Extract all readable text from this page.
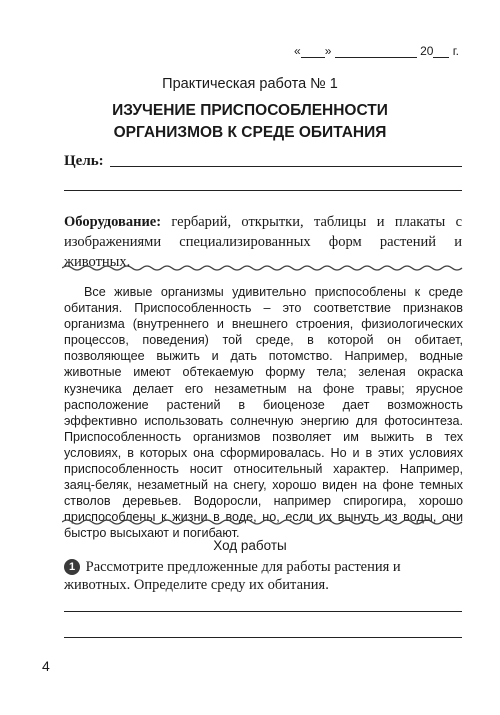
« »	20 г.
Практическая работа № 1
ИЗУЧЕНИЕ ПРИСПОСОБЛЕННОСТИ
ОРГАНИЗМОВ К СРЕДЕ ОБИТАНИЯ
Цель:
Оборудование: гербарий, открытки, таблицы и плакаты с изображениями специализированных форм растений и животных.

Все живые организмы удивительно приспособлены к среде обитания. Приспособленность – это соответствие признаков организма (внутреннего и внешнего строения, физиологических процессов, поведения) той среде, в которой он обитает, позволяющее выжить и дать потомство. Например, водные животные имеют обтекаемую форму тела; зеленая окраска кузнечика делает его незаметным на фоне травы; ярусное расположение растений в биоценозе дает возможность эффективно использовать солнечную энергию для фотосинтеза. Приспособленность организмов позволяет им выжить в тех условиях, в которых она сформировалась. Но и в этих условиях приспособленность носит относительный характер. Например, заяц-беляк, незаметный на снегу, хорошо виден на фоне темных стволов деревьев. Водоросли, например спирогира, хорошо приспособлены к жизни в воде, но, если их вынуть из воды, они быстро высыхают и погибают.

Ход работы
1 Рассмотрите предложенные для работы растения и животных. Определите среду их обитания.
4
